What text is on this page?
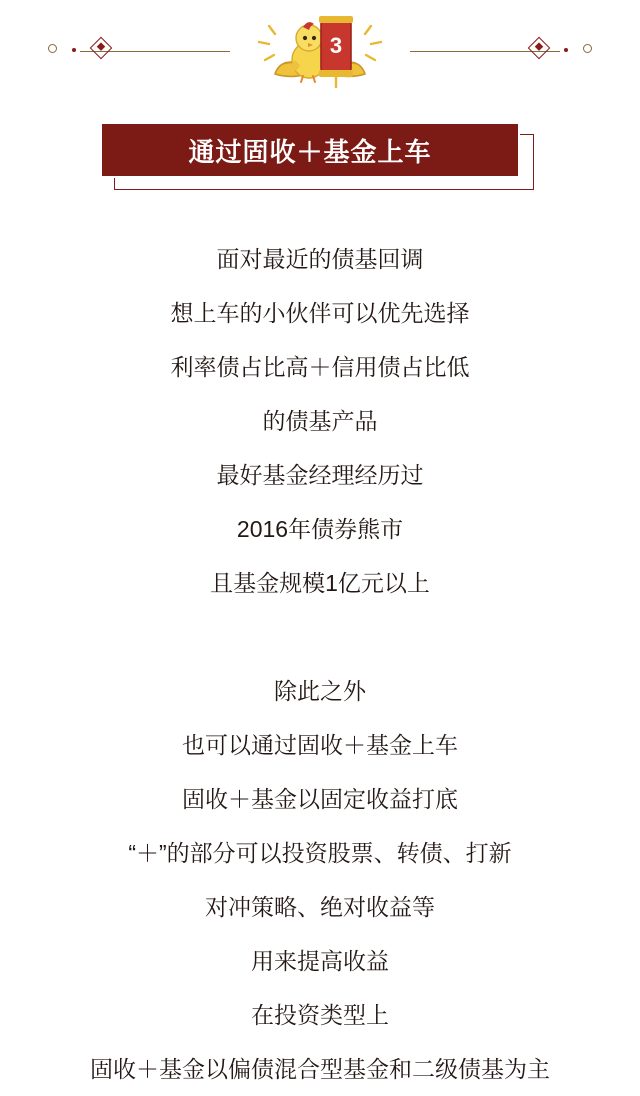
3
通过固收＋基金上车
面对最近的债基回调
想上车的小伙伴可以优先选择
利率债占比高＋信用债占比低
的债基产品
最好基金经理经历过
2016年债券熊市
且基金规模1亿元以上
除此之外
也可以通过固收＋基金上车
固收＋基金以固定收益打底
“＋”的部分可以投资股票、转债、打新
对冲策略、绝对收益等
用来提高收益
在投资类型上
固收＋基金以偏债混合型基金和二级债基为主
